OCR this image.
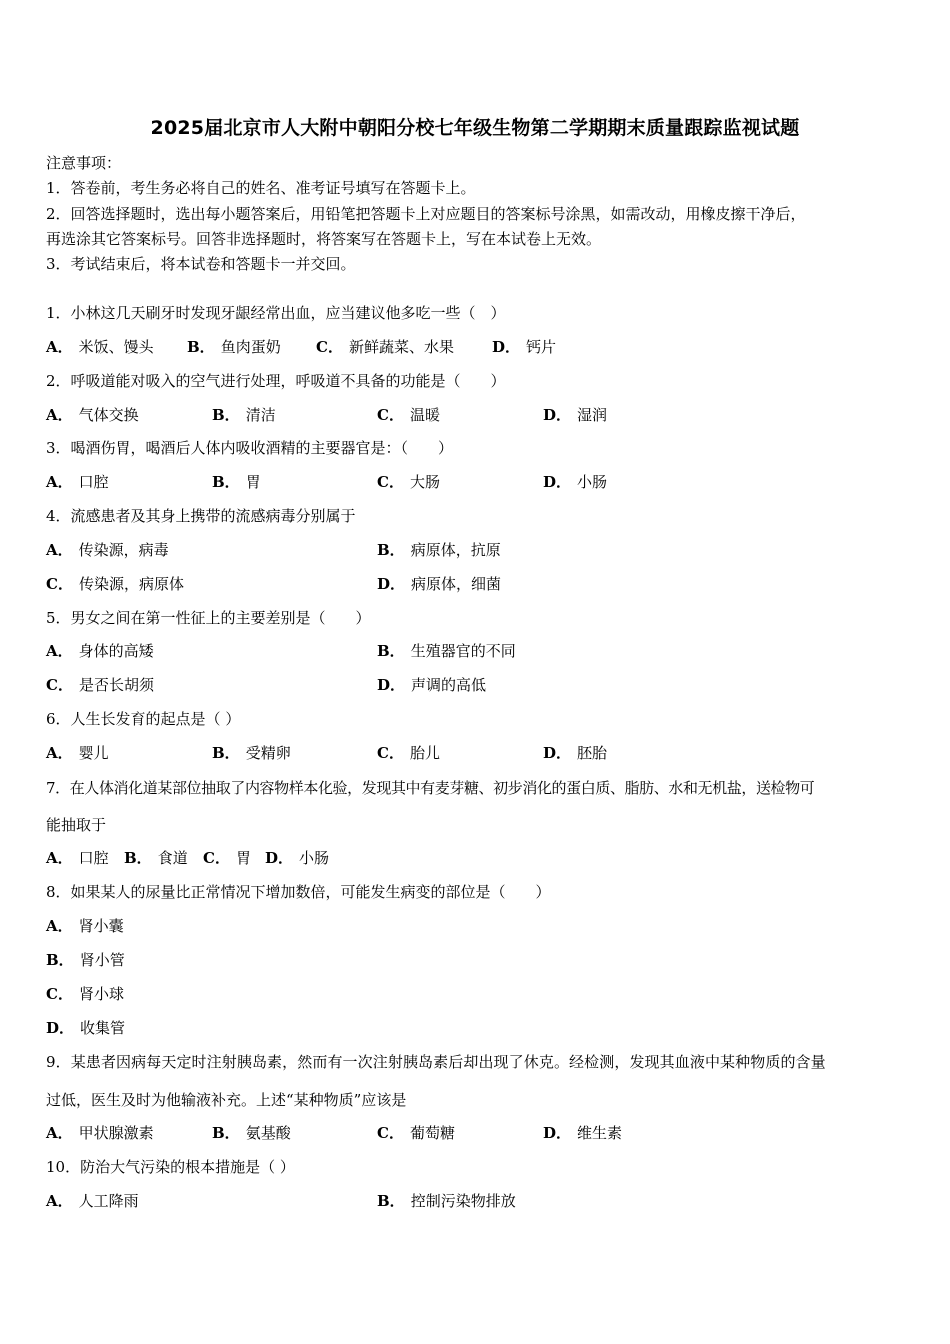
2025届北京市人大附中朝阳分校七年级生物第二学期期末质量跟踪监视试题
注意事项：
1．答卷前，考生务必将自己的姓名、准考证号填写在答题卡上。
2．回答选择题时，选出每小题答案后，用铅笔把答题卡上对应题目的答案标号涂黑，如需改动，用橡皮擦干净后，
再选涂其它答案标号。回答非选择题时，将答案写在答题卡上，写在本试卷上无效。
3．考试结束后，将本试卷和答题卡一并交回。
1．小林这几天刷牙时发现牙龈经常出血，应当建议他多吃一些（　）
A． 米饭、馒头 B． 鱼肉蛋奶 C． 新鲜蔬菜、水果	D． 钙片
2．呼吸道能对吸入的空气进行处理，呼吸道不具备的功能是（　　）
A． 气体交换	B． 清洁	C． 温暖	D． 湿润
3．喝酒伤胃，喝酒后人体内吸收酒精的主要器官是：（　　）
A． 口腔	B． 胃	C． 大肠	D． 小肠
4．流感患者及其身上携带的流感病毒分别属于
A． 传染源，病毒	B． 病原体，抗原
C． 传染源，病原体	D． 病原体，细菌
5．男女之间在第一性征上的主要差别是（　　）
A． 身体的高矮	B． 生殖器官的不同
C． 是否长胡须	D． 声调的高低
6．人生长发育的起点是（ ）
A． 婴儿	B． 受精卵	C． 胎儿	D． 胚胎
7．在人体消化道某部位抽取了内容物样本化验，发现其中有麦芽糖、初步消化的蛋白质、脂肪、水和无机盐，送检物可
能抽取于
A． 口腔 B． 食道 C． 胃 D． 小肠
8．如果某人的尿量比正常情况下增加数倍，可能发生病变的部位是（　　）
A． 肾小囊
B． 肾小管
C． 肾小球
D． 收集管
9．某患者因病每天定时注射胰岛素，然而有一次注射胰岛素后却出现了休克。经检测，发现其血液中某种物质的含量
过低，医生及时为他输液补充。上述“某种物质”应该是
A． 甲状腺激素	B． 氨基酸	C． 葡萄糖	D． 维生素
10．防治大气污染的根本措施是（ ）
A． 人工降雨	B． 控制污染物排放
